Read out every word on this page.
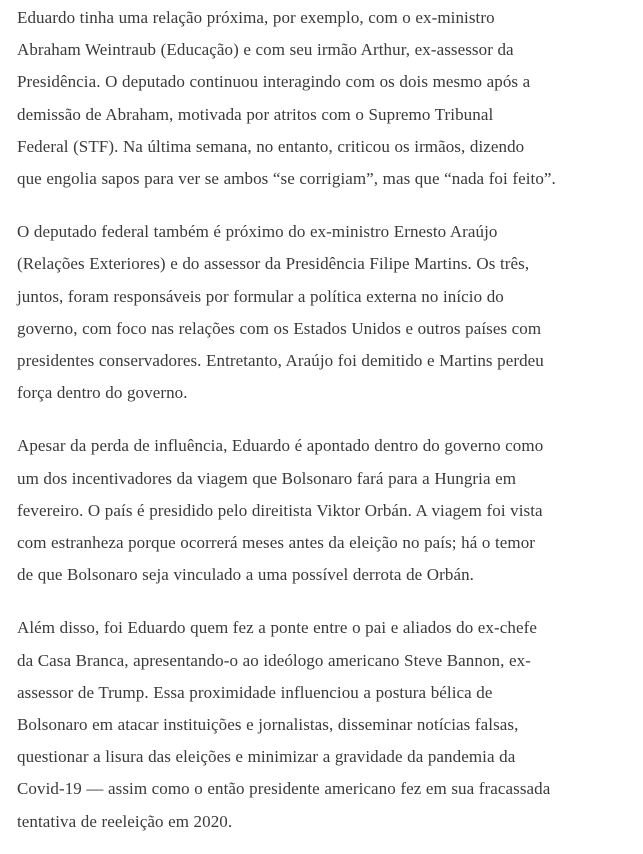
Eduardo tinha uma relação próxima, por exemplo, com o ex-ministro
Abraham Weintraub (Educação) e com seu irmão Arthur, ex-assessor da
Presidência. O deputado continuou interagindo com os dois mesmo após a
demissão de Abraham, motivada por atritos com o Supremo Tribunal
Federal (STF). Na última semana, no entanto, criticou os irmãos, dizendo
que engolia sapos para ver se ambos “se corrigiam”, mas que “nada foi feito”.

O deputado federal também é próximo do ex-ministro Ernesto Araújo
(Relações Exteriores) e do assessor da Presidência Filipe Martins. Os três,
juntos, foram responsáveis por formular a política externa no início do
governo, com foco nas relações com os Estados Unidos e outros países com
presidentes conservadores. Entretanto, Araújo foi demitido e Martins perdeu
força dentro do governo.

Apesar da perda de influência, Eduardo é apontado dentro do governo como
um dos incentivadores da viagem que Bolsonaro fará para a Hungria em
fevereiro. O país é presidido pelo direitista Viktor Orbán. A viagem foi vista
com estranheza porque ocorrerá meses antes da eleição no país; há o temor
de que Bolsonaro seja vinculado a uma possível derrota de Orbán.

Além disso, foi Eduardo quem fez a ponte entre o pai e aliados do ex-chefe
da Casa Branca, apresentando-o ao ideólogo americano Steve Bannon, ex-
assessor de Trump. Essa proximidade influenciou a postura bélica de
Bolsonaro em atacar instituições e jornalistas, disseminar notícias falsas,
questionar a lisura das eleições e minimizar a gravidade da pandemia da
Covid-19 — assim como o então presidente americano fez em sua fracassada
tentativa de reeleição em 2020.
